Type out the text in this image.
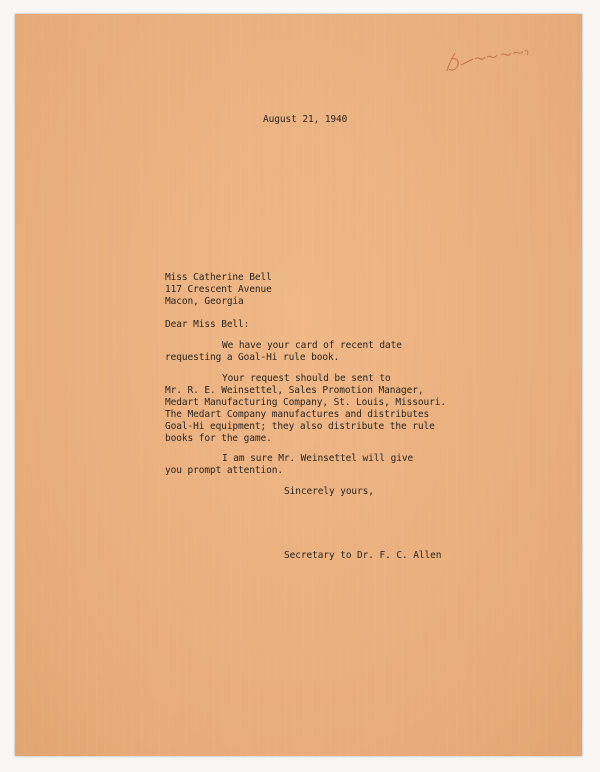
August 21, 1940
Miss Catherine Bell
117 Crescent Avenue
Macon, Georgia
Dear Miss Bell:
We have your card of recent date
requesting a Goal-Hi rule book.
Your request should be sent to
Mr. R. E. Weinsettel, Sales Promotion Manager,
Medart Manufacturing Company, St. Louis, Missouri.
The Medart Company manufactures and distributes
Goal-Hi equipment; they also distribute the rule
books for the game.
I am sure Mr. Weinsettel will give
you prompt attention.
Sincerely yours,
Secretary to Dr. F. C. Allen
